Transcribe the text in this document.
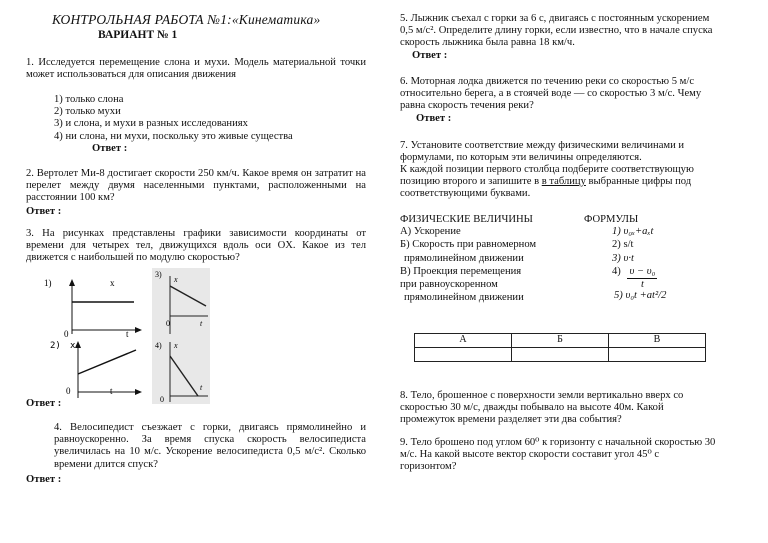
КОНТРОЛЬНАЯ РАБОТА №1:«Кинематика»
ВАРИАНТ № 1
1. Исследуется перемещение слона и мухи. Модель материальной точки может использоваться для описания движения
1) только слона
2) только мухи
3) и слона, и мухи в разных исследованиях
4) ни слона, ни мухи, поскольку это живые существа
Ответ :
2. Вертолет Ми-8 достигает скорости 250 км/ч. Какое время он затратит на перелет между двумя населенными пунктами, расположенными на расстоянии 100 км?
Ответ :
3. На рисунках представлены графики зависимости координаты от времени для четырех тел, движущихся вдоль оси OX. Какое из тел движется с наибольшей по модулю скоростью?
1)	x
0	t
3)
x
0	t
2) x
0	t
4) x
0
t
Ответ :
4. Велосипедист съезжает с горки, двигаясь прямолинейно и равноускоренно. За время спуска скорость велосипедиста увеличилась на 10 м/с. Ускорение велосипедиста 0,5 м/с². Сколько времени длится спуск?
Ответ :
5. Лыжник съехал с горки за 6 с, двигаясь с постоянным ускорением 0,5 м/с². Определите длину горки, если известно, что в начале спуска скорость лыжника была равна 18 км/ч.
Ответ :
6. Моторная лодка движется по течению реки со скоростью 5 м/с относительно берега, а в стоячей воде — со скоростью 3 м/с. Чему равна скорость течения реки?
Ответ :
7. Установите соответствие между физическими величинами и формулами, по которым эти величины определяются.
К каждой позиции первого столбца подберите соответствующую позицию второго и запишите в в таблицу выбранные цифры под соответствующими буквами.
ФИЗИЧЕСКИЕ ВЕЛИЧИНЫ	ФОРМУЛЫ
А) Ускорение
Б) Скорость при равномерном
прямолинейном движении
В) Проекция перемещения
при равноускоренном
прямолинейном движении
1) υ₀ₓ+aₓt
2) s/t
3) υ·t
$4) \frac{\text{υ − υ₀}}{t}$
5) υ₀t +at²/2
А	Б	В

8. Тело, брошенное с поверхности земли вертикально вверх со скоростью 30 м/с, дважды побывало на высоте 40м. Какой промежуток времени разделяет эти два события?
9. Тело брошено под углом 60⁰ к горизонту с начальной скоростью 30 м/с. На какой высоте вектор скорости составит угол 45⁰ с горизонтом?
